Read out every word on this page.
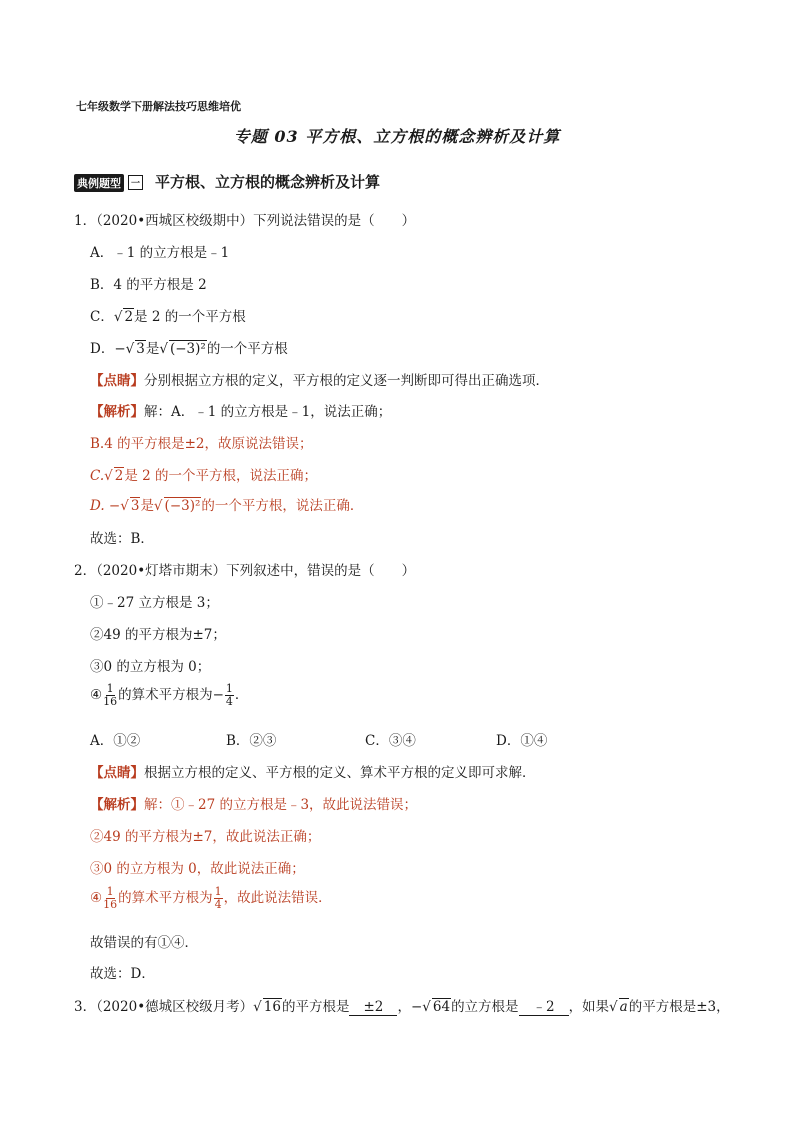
七年级数学下册解法技巧思维培优
专题 03 平方根、立方根的概念辨析及计算
典例题型 一 平方根、立方根的概念辨析及计算
1．（2020•西城区校级期中）下列说法错误的是（　　）
A．﹣1 的立方根是﹣1
B．4 的平方根是 2
C．√ 2是 2 的一个平方根
D．−√ 3是√ (−3)²的一个平方根
【点睛】分别根据立方根的定义，平方根的定义逐一判断即可得出正确选项．
【解析】解：A．﹣1 的立方根是﹣1，说法正确；
B.4 的平方根是±2，故原说法错误；
C.√ 2是 2 的一个平方根，说法正确；
D. −√ 3是√ (−3)²的一个平方根，说法正确．
故选：B．
2．（2020•灯塔市期末）下列叙述中，错误的是（　　）
①﹣27 立方根是 3；
②49 的平方根为±7；
③0 的立方根为 0；
④ $\frac{1}{16}$ 的算术平方根为− $\frac{1}{4}$ ．
A．①②	B．②③	C．③④	D．①④
【点睛】根据立方根的定义、平方根的定义、算术平方根的定义即可求解．
【解析】解：①﹣27 的立方根是﹣3，故此说法错误；
②49 的平方根为±7，故此说法正确；
③0 的立方根为 0，故此说法正确；
④ $\frac{1}{16}$ 的算术平方根为 $\frac{1}{4}$ ，故此说法错误．
故错误的有①④．
故选：D．
3．（2020•德城区校级月考）√ 16的平方根是 ±2 ，−√ 64的立方根是 ﹣2 ，如果√ a的平方根是±3，
